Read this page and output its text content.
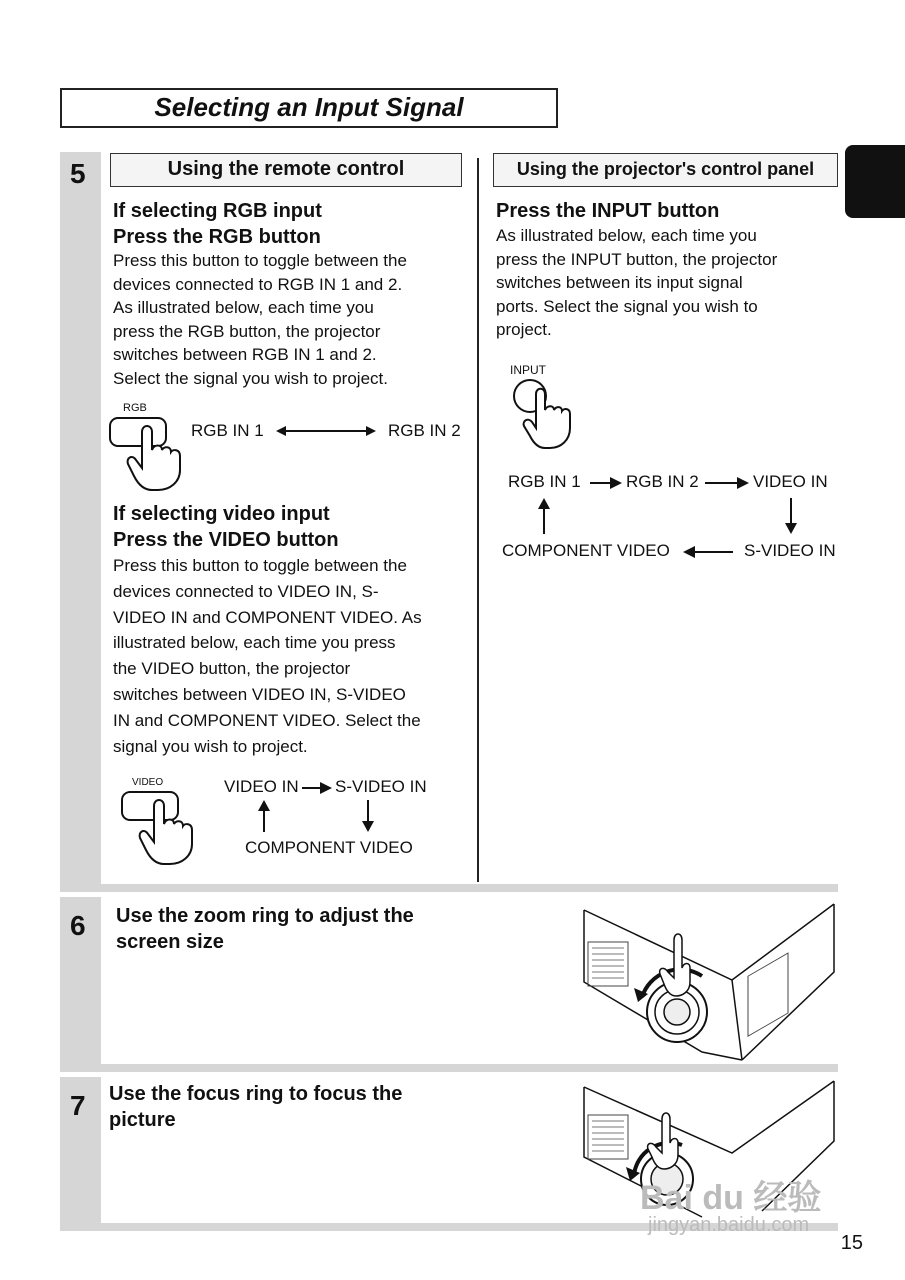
Selecting an Input Signal
5
6
7
Using the remote control
If selecting RGB input
Press the RGB button
Press this button to toggle between the
devices connected to RGB IN 1 and 2.
As illustrated below, each time you
press the RGB button, the projector
switches between RGB IN 1 and 2.
Select the signal you wish to project.
RGB
RGB IN 1	RGB IN 2
If selecting video input
Press the VIDEO button
Press this button to toggle between the
devices connected to VIDEO IN, S-
VIDEO IN and COMPONENT VIDEO. As
illustrated below, each time you press
the VIDEO button, the projector
switches between VIDEO IN, S-VIDEO
IN and COMPONENT VIDEO. Select the
signal you wish to project.
VIDEO	VIDEO IN S-VIDEO IN
COMPONENT VIDEO
Using the projector's control panel
Press the INPUT button
As illustrated below, each time you
press the INPUT button, the projector
switches between its input signal
ports. Select the signal you wish to
project.
INPUT
RGB IN 1	RGB IN 2	VIDEO IN
COMPONENT VIDEO	S-VIDEO IN
Use the zoom ring to adjust the
screen size
Use the focus ring to focus the
picture
Bai du 经验
jingyan.baidu.com
15
